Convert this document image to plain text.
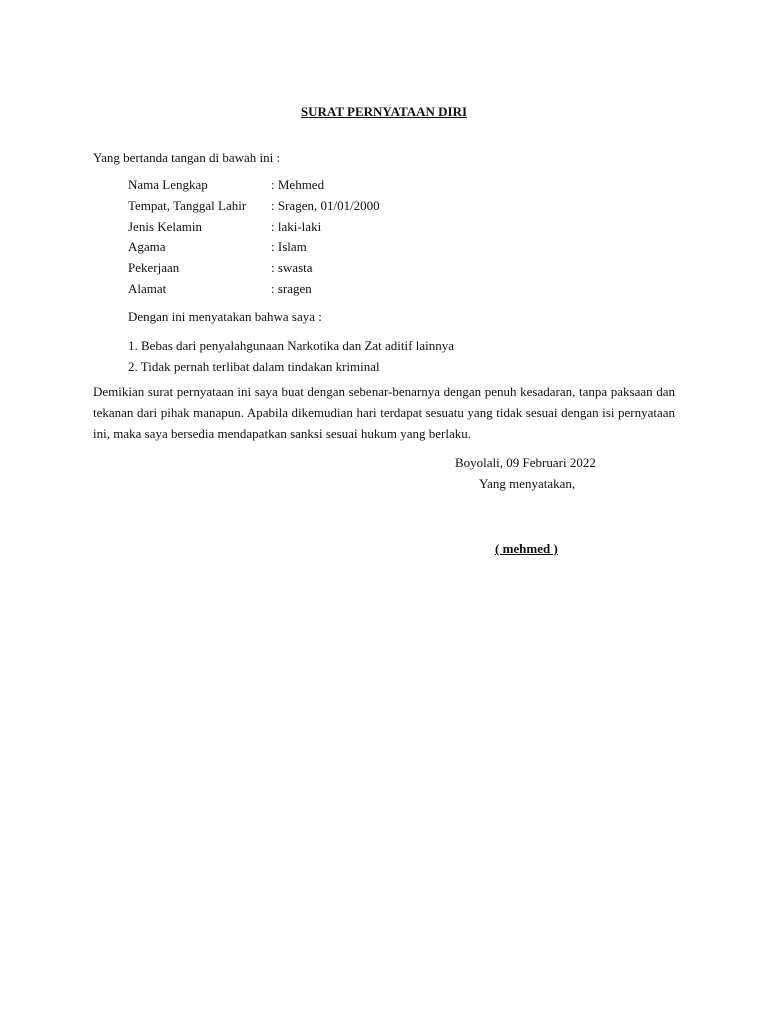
SURAT PERNYATAAN DIRI
Yang bertanda tangan di bawah ini :
Nama Lengkap	: Mehmed
Tempat, Tanggal Lahir : Sragen, 01/01/2000
Jenis Kelamin	: laki-laki
Agama	: Islam
Pekerjaan	: swasta
Alamat	: sragen
Dengan ini menyatakan bahwa saya :
1. Bebas dari penyalahgunaan Narkotika dan Zat aditif lainnya
2. Tidak pernah terlibat dalam tindakan kriminal
Demikian surat pernyataan ini saya buat dengan sebenar-benarnya dengan penuh kesadaran, tanpa paksaan dan tekanan dari pihak manapun. Apabila dikemudian hari terdapat sesuatu yang tidak sesuai dengan isi pernyataan ini, maka saya bersedia mendapatkan sanksi sesuai hukum yang berlaku.
Boyolali, 09 Februari 2022
Yang menyatakan,
( mehmed )
